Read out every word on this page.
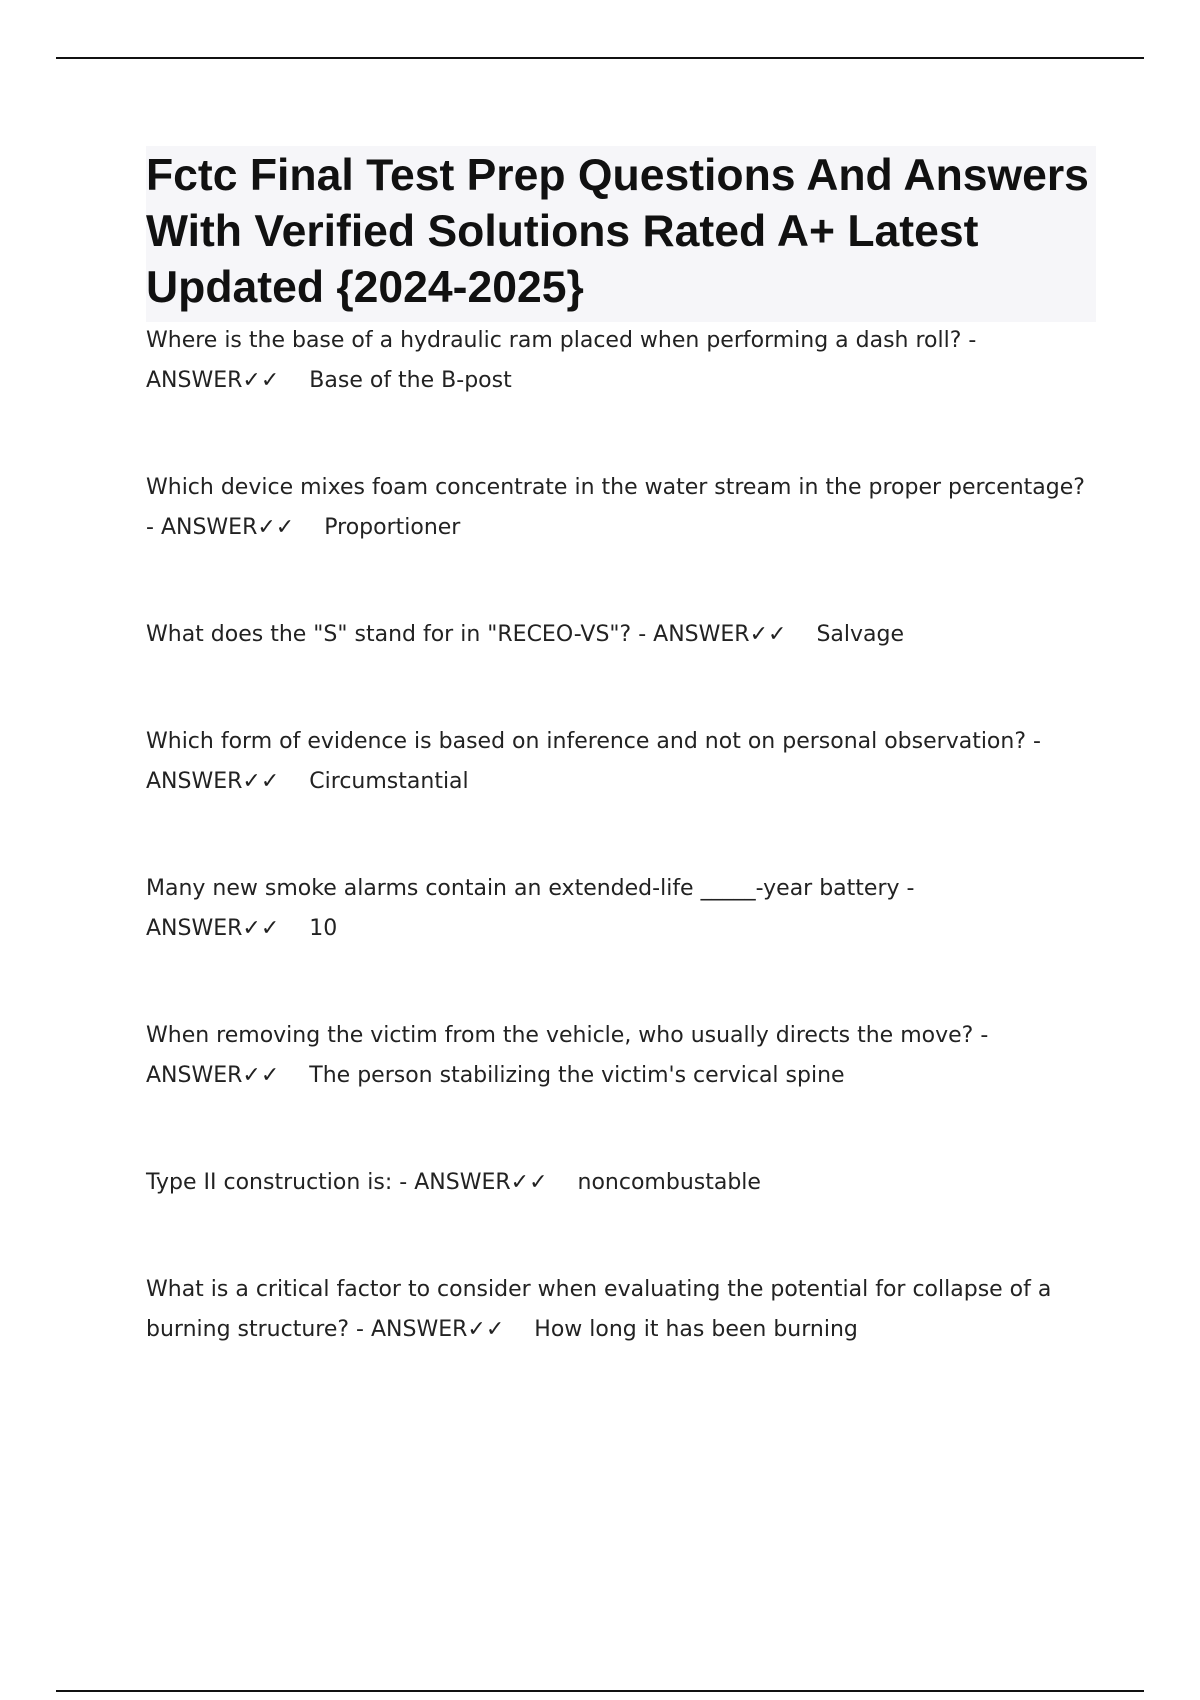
Fctc Final Test Prep Questions And Answers With Verified Solutions Rated A+ Latest Updated {2024-2025}
Where is the base of a hydraulic ram placed when performing a dash roll? - ANSWER✓✓ Base of the B-post
Which device mixes foam concentrate in the water stream in the proper percentage? - ANSWER✓✓ Proportioner
What does the "S" stand for in "RECEO-VS"? - ANSWER✓✓ Salvage
Which form of evidence is based on inference and not on personal observation? - ANSWER✓✓ Circumstantial
Many new smoke alarms contain an extended-life _____-year battery - ANSWER✓✓ 10
When removing the victim from the vehicle, who usually directs the move? - ANSWER✓✓ The person stabilizing the victim's cervical spine
Type II construction is: - ANSWER✓✓ noncombustable
What is a critical factor to consider when evaluating the potential for collapse of a burning structure? - ANSWER✓✓ How long it has been burning
